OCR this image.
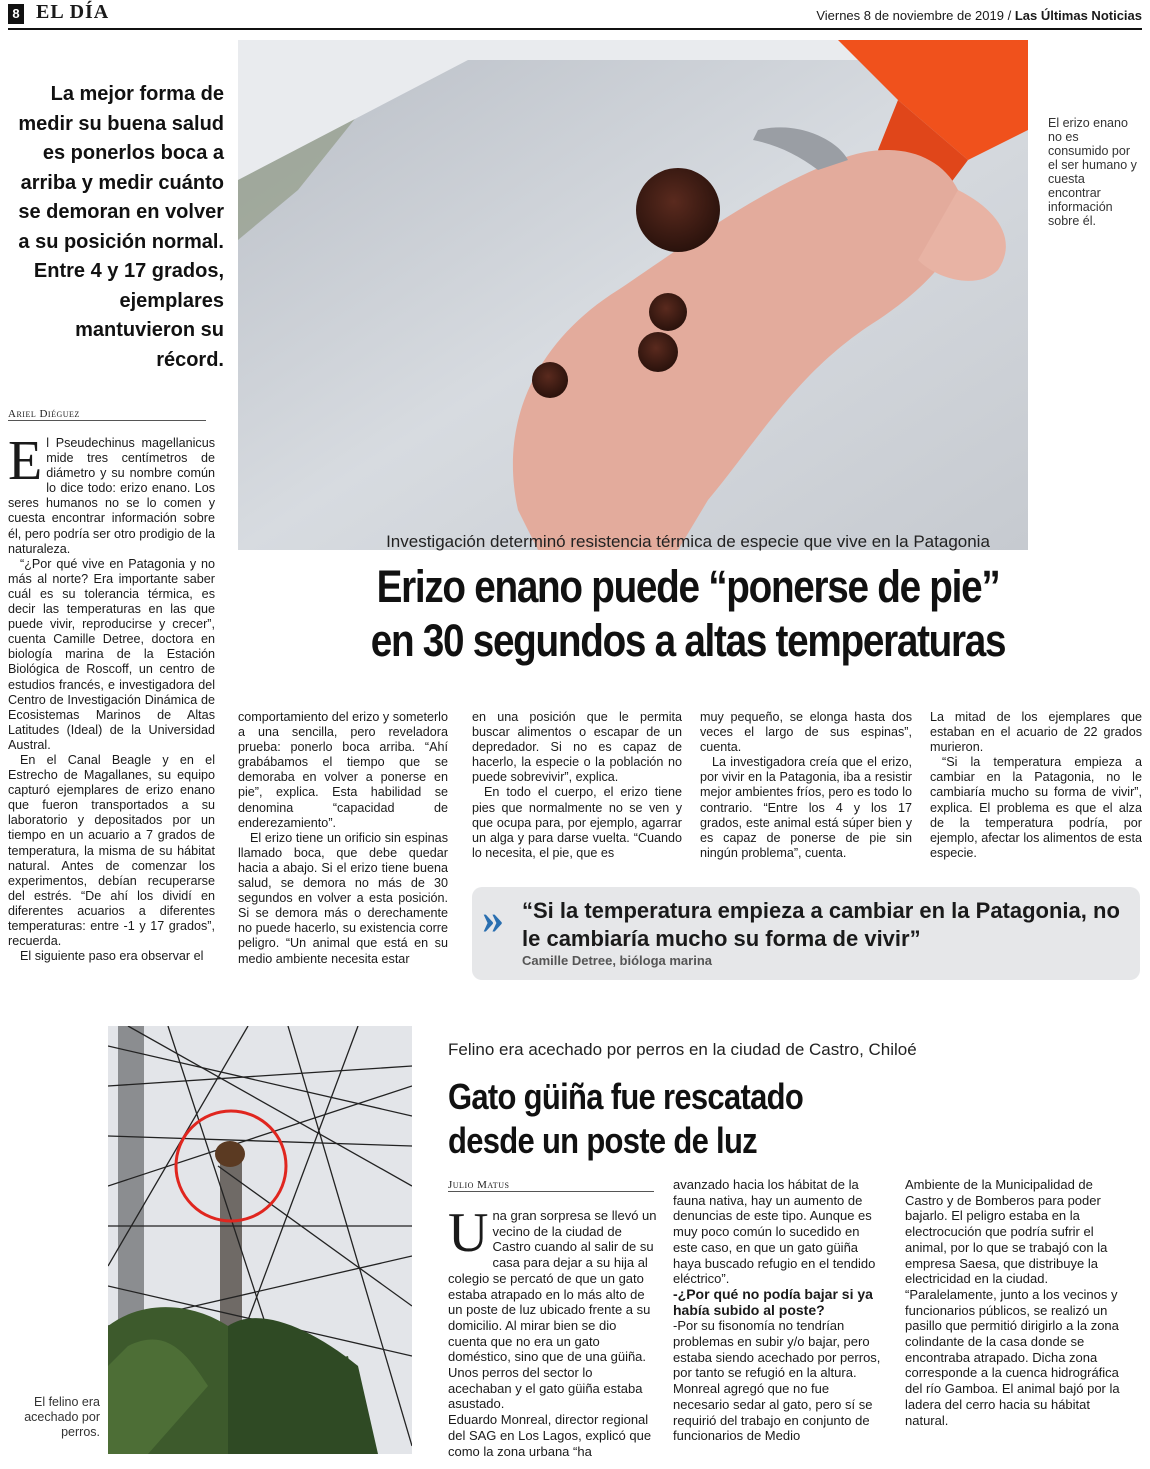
8 EL DÍA	Viernes 8 de noviembre de 2019 / Las Últimas Noticias
La mejor forma de medir su buena salud es ponerlos boca a arriba y medir cuánto se demoran en volver a su posición normal. Entre 4 y 17 grados, ejemplares mantuvieron su récord.
El erizo enano no es consumido por el ser humano y cuesta encontrar información sobre él.
Ariel Diéguez

El Pseudechinus magellanicus mide tres centímetros de diámetro y su nombre común lo dice todo: erizo enano. Los seres humanos no se lo comen y cuesta encontrar información sobre él, pero podría ser otro prodigio de la naturaleza.

“¿Por qué vive en Patagonia y no más al norte? Era importante saber cuál es su tolerancia térmica, es decir las temperaturas en las que puede vivir, reproducirse y crecer”, cuenta Camille Detree, doctora en biología marina de la Estación Biológica de Roscoff, un centro de estudios francés, e investigadora del Centro de Investigación Dinámica de Ecosistemas Marinos de Altas Latitudes (Ideal) de la Universidad Austral.

En el Canal Beagle y en el Estrecho de Magallanes, su equipo capturó ejemplares de erizo enano que fueron transportados a su laboratorio y depositados por un tiempo en un acuario a 7 grados de temperatura, la misma de su hábitat natural. Antes de comenzar los experimentos, debían recuperarse del estrés. “De ahí los dividí en diferentes acuarios a diferentes temperaturas: entre -1 y 17 grados”, recuerda.

El siguiente paso era observar el

Investigación determinó resistencia térmica de especie que vive en la Patagonia
Erizo enano puede “ponerse de pie”
en 30 segundos a altas temperaturas

comportamiento del erizo y someterlo a una sencilla, pero reveladora prueba: ponerlo boca arriba. “Ahí grabábamos el tiempo que se demoraba en volver a ponerse en pie”, explica. Esta habilidad se denomina “capacidad de enderezamiento”.

El erizo tiene un orificio sin espinas llamado boca, que debe quedar hacia a abajo. Si el erizo tiene buena salud, se demora no más de 30 segundos en volver a esta posición. Si se demora más o derechamente no puede hacerlo, su existencia corre peligro. “Un animal que está en su medio ambiente necesita estar

en una posición que le permita buscar alimentos o escapar de un depredador. Si no es capaz de hacerlo, la especie o la población no puede sobrevivir”, explica.

En todo el cuerpo, el erizo tiene pies que normalmente no se ven y que ocupa para, por ejemplo, agarrar un alga y para darse vuelta. “Cuando lo necesita, el pie, que es

muy pequeño, se elonga hasta dos veces el largo de sus espinas”, cuenta.

La investigadora creía que el erizo, por vivir en la Patagonia, iba a resistir mejor ambientes fríos, pero es todo lo contrario. “Entre los 4 y los 17 grados, este animal está súper bien y es capaz de ponerse de pie sin ningún problema”, cuenta.

La mitad de los ejemplares que estaban en el acuario de 22 grados murieron.

“Si la temperatura empieza a cambiar en la Patagonia, no le cambiaría mucho su forma de vivir”, explica. El problema es que el alza de la temperatura podría, por ejemplo, afectar los alimentos de esta especie.

» “Si la temperatura empieza a cambiar en la Patagonia, no le cambiaría mucho su forma de vivir”
Camille Detree, bióloga marina
El felino era acechado por perros.
Felino era acechado por perros en la ciudad de Castro, Chiloé
Gato güiña fue rescatado
desde un poste de luz
Julio Matus

Una gran sorpresa se llevó un vecino de la ciudad de Castro cuando al salir de su casa para dejar a su hija al colegio se percató de que un gato estaba atrapado en lo más alto de un poste de luz ubicado frente a su domicilio. Al mirar bien se dio cuenta que no era un gato doméstico, sino que de una güiña. Unos perros del sector lo acechaban y el gato güiña estaba asustado.

Eduardo Monreal, director regional del SAG en Los Lagos, explicó que como la zona urbana “ha

avanzado hacia los hábitat de la fauna nativa, hay un aumento de denuncias de este tipo. Aunque es muy poco común lo sucedido en este caso, en que un gato güiña haya buscado refugio en el tendido eléctrico”.

-¿Por qué no podía bajar si ya había subido al poste?

-Por su fisonomía no tendrían problemas en subir y/o bajar, pero estaba siendo acechado por perros, por tanto se refugió en la altura.

Monreal agregó que no fue necesario sedar al gato, pero sí se requirió del trabajo en conjunto de funcionarios de Medio

Ambiente de la Municipalidad de Castro y de Bomberos para poder bajarlo. El peligro estaba en la electrocución que podría sufrir el animal, por lo que se trabajó con la empresa Saesa, que distribuye la electricidad en la ciudad.

“Paralelamente, junto a los vecinos y funcionarios públicos, se realizó un pasillo que permitió dirigirlo a la zona colindante de la casa donde se encontraba atrapado. Dicha zona corresponde a la cuenca hidrográfica del río Gamboa. El animal bajó por la ladera del cerro hacia su hábitat natural.
